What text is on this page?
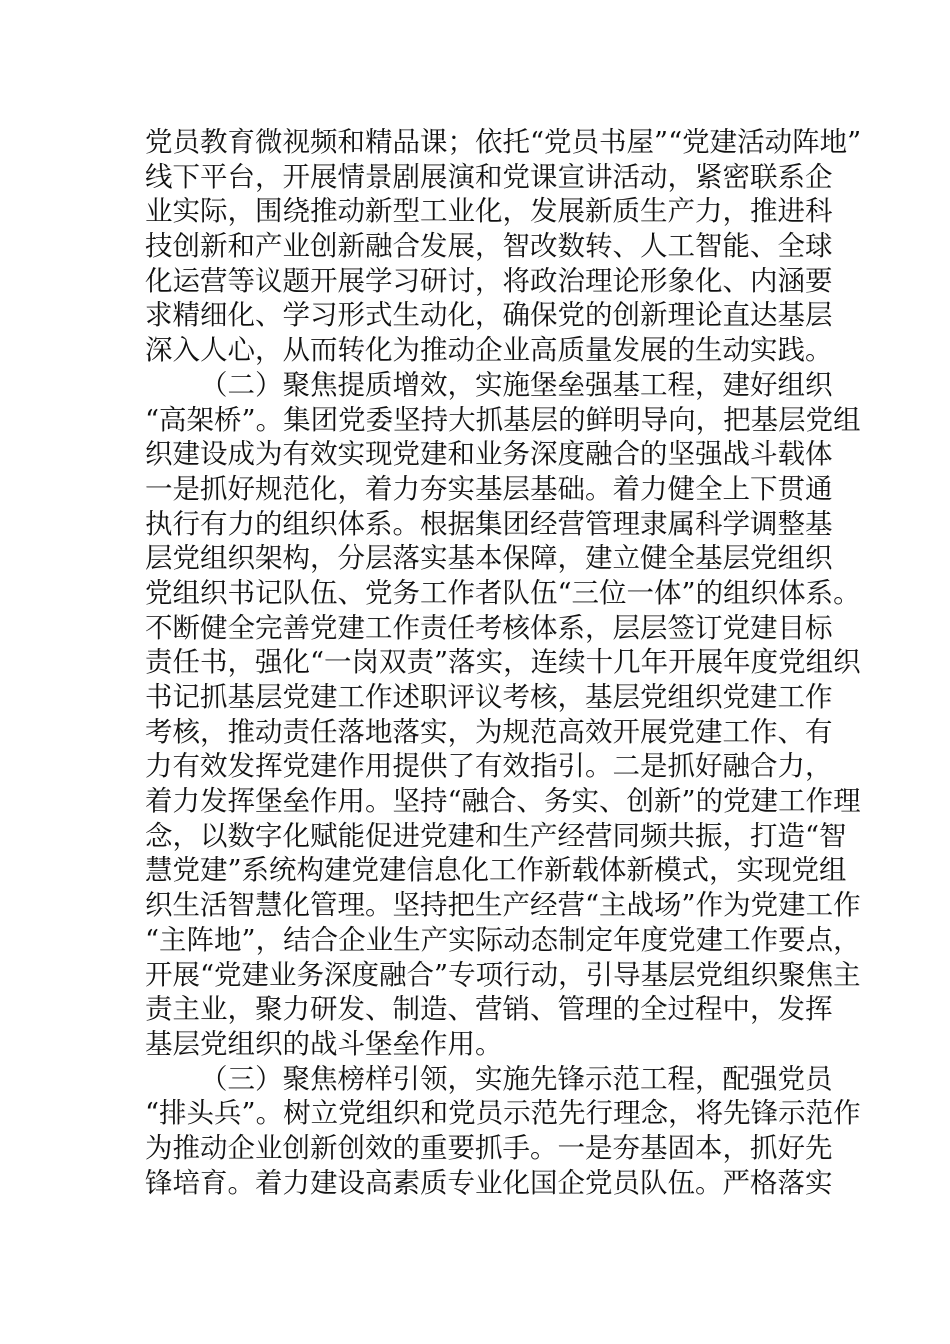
党员教育微视频和精品课；依托“党员书屋”“党建活动阵地”
线下平台，开展情景剧展演和党课宣讲活动，紧密联系企
业实际，围绕推动新型工业化，发展新质生产力，推进科
技创新和产业创新融合发展，智改数转、人工智能、全球
化运营等议题开展学习研讨，将政治理论形象化、内涵要
求精细化、学习形式生动化，确保党的创新理论直达基层
深入人心，从而转化为推动企业高质量发展的生动实践。
（二）聚焦提质增效，实施堡垒强基工程，建好组织
“高架桥”。集团党委坚持大抓基层的鲜明导向，把基层党组
织建设成为有效实现党建和业务深度融合的坚强战斗载体
一是抓好规范化，着力夯实基层基础。着力健全上下贯通
执行有力的组织体系。根据集团经营管理隶属科学调整基
层党组织架构，分层落实基本保障，建立健全基层党组织
党组织书记队伍、党务工作者队伍“三位一体”的组织体系。
不断健全完善党建工作责任考核体系，层层签订党建目标
责任书，强化“一岗双责”落实，连续十几年开展年度党组织
书记抓基层党建工作述职评议考核，基层党组织党建工作
考核，推动责任落地落实，为规范高效开展党建工作、有
力有效发挥党建作用提供了有效指引。二是抓好融合力，
着力发挥堡垒作用。坚持“融合、务实、创新”的党建工作理
念，以数字化赋能促进党建和生产经营同频共振，打造“智
慧党建”系统构建党建信息化工作新载体新模式，实现党组
织生活智慧化管理。坚持把生产经营“主战场”作为党建工作
“主阵地”，结合企业生产实际动态制定年度党建工作要点，
开展“党建业务深度融合”专项行动，引导基层党组织聚焦主
责主业，聚力研发、制造、营销、管理的全过程中，发挥
基层党组织的战斗堡垒作用。
（三）聚焦榜样引领，实施先锋示范工程，配强党员
“排头兵”。树立党组织和党员示范先行理念，将先锋示范作
为推动企业创新创效的重要抓手。一是夯基固本，抓好先
锋培育。着力建设高素质专业化国企党员队伍。严格落实
